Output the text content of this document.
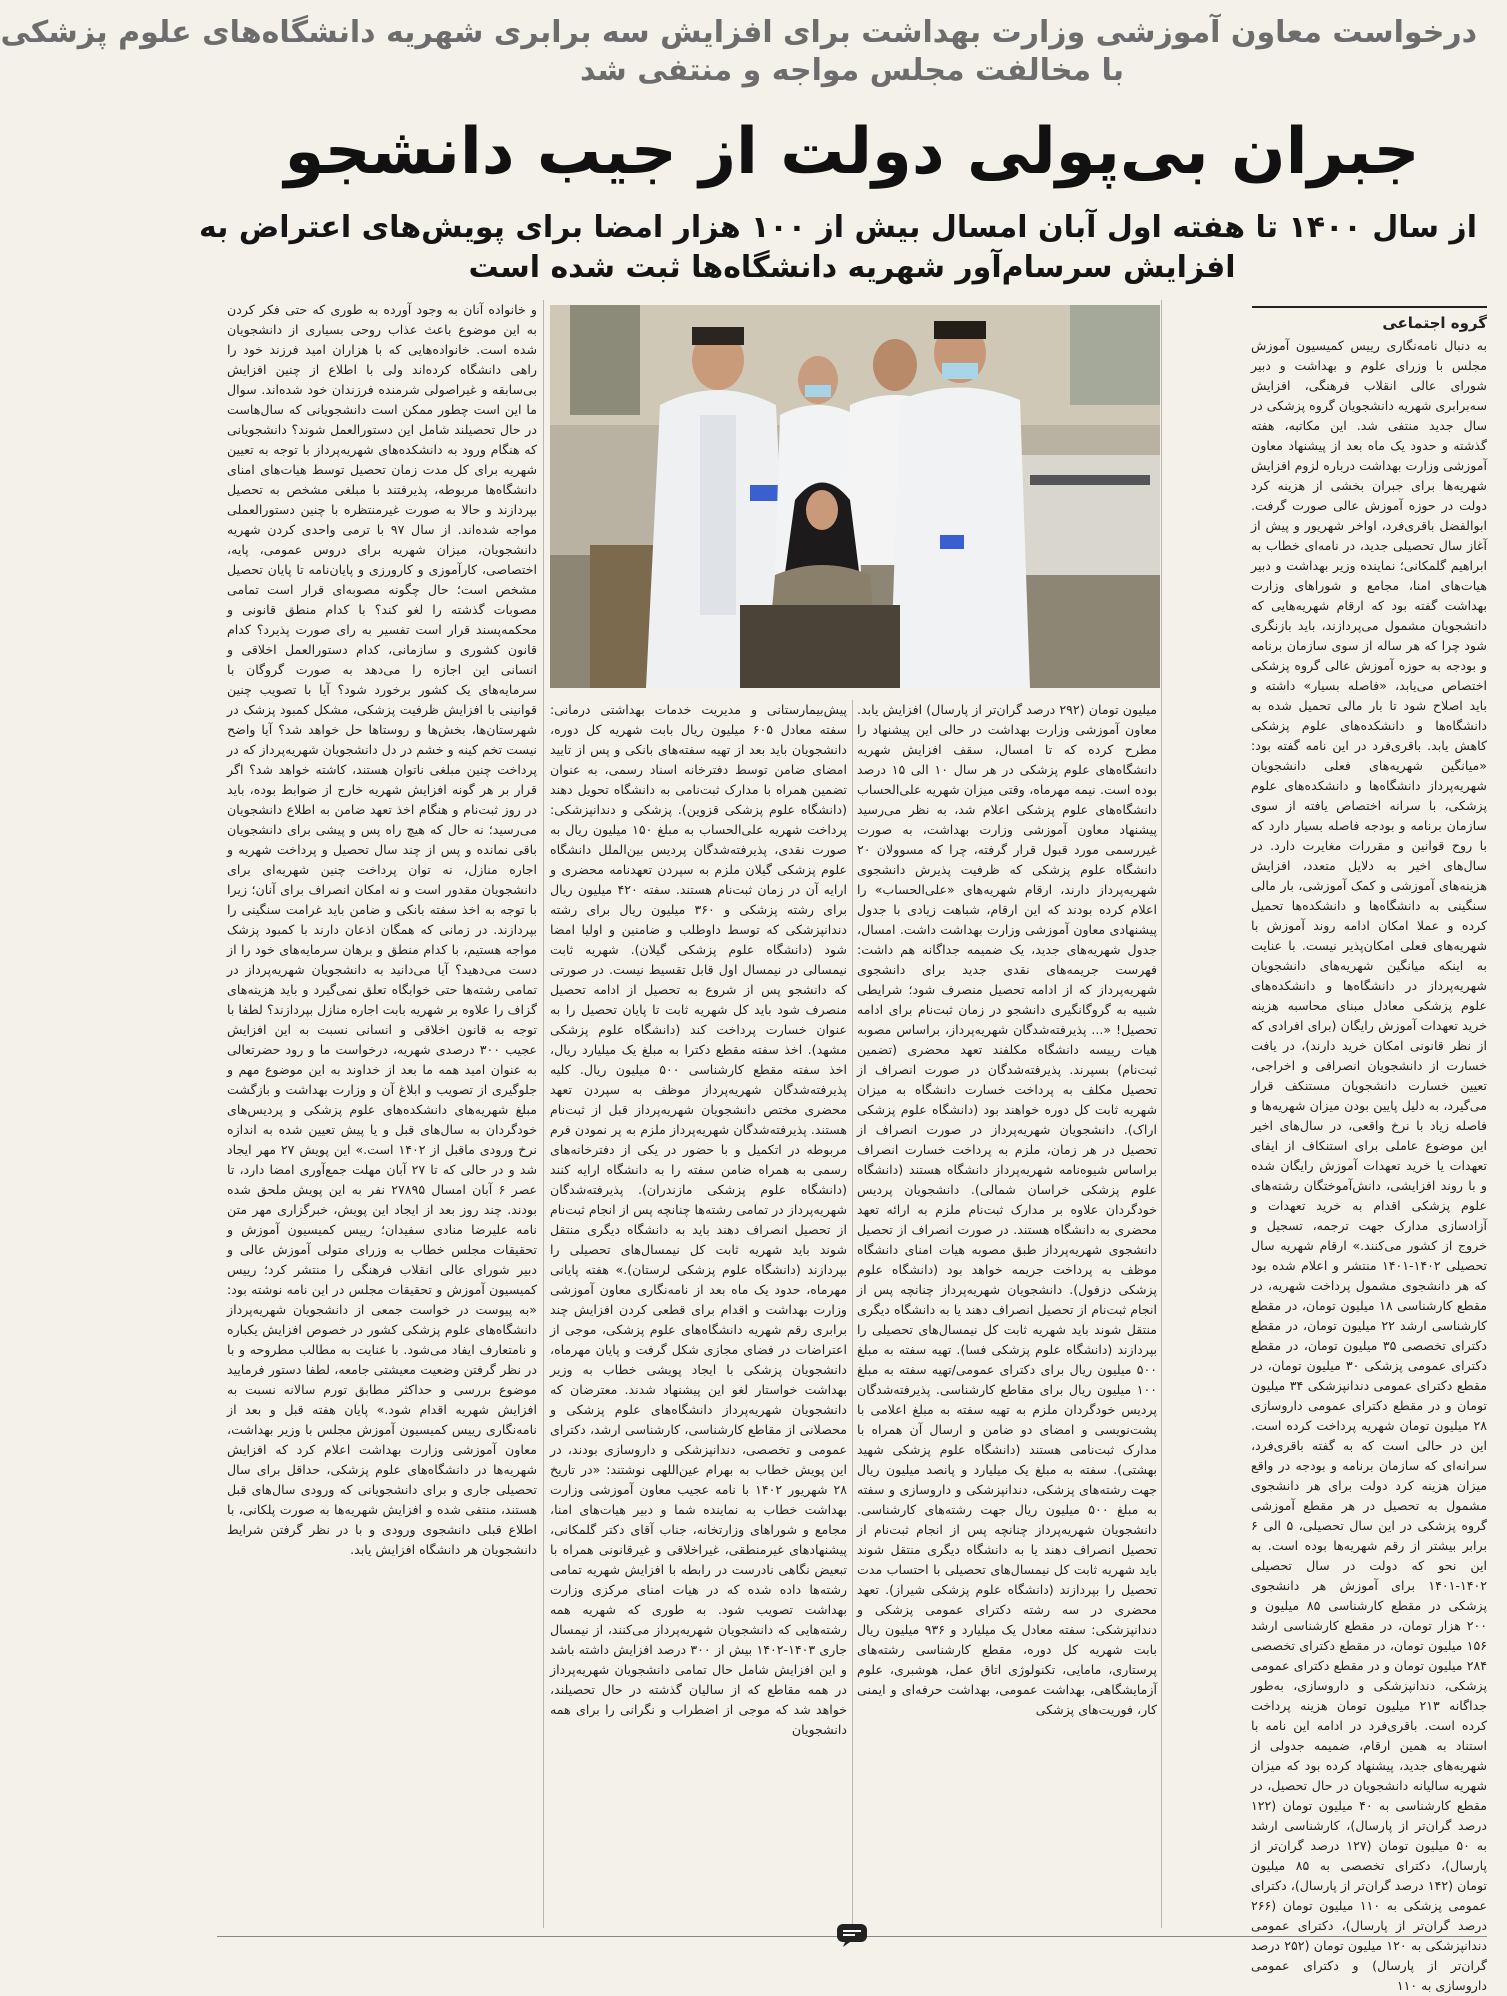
درخواست معاون آموزشی وزارت بهداشت برای افزایش سه برابری شهریه دانشگاه‌های علوم پزشکی
با مخالفت مجلس مواجه و منتفی شد
جبران بی‌پولی دولت از جیب دانشجو
از سال ۱۴۰۰ تا هفته اول آبان امسال بیش از ۱۰۰ هزار امضا برای پویش‌های اعتراض به
افزایش سرسام‌آور شهریه دانشگاه‌ها ثبت شده است
گروه اجتماعی

به دنبال نامه‌نگاری رییس کمیسیون آموزش مجلس با وزرای علوم و بهداشت و دبیر شورای عالی انقلاب فرهنگی، افزایش سه‌برابری شهریه دانشجویان گروه پزشکی در سال جدید منتفی شد. این مکاتبه، هفته گذشته و حدود یک ماه بعد از پیشنهاد معاون آموزشی وزارت بهداشت درباره لزوم افزایش شهریه‌ها برای جبران بخشی از هزینه کرد دولت در حوزه آموزش عالی صورت گرفت. ابوالفضل باقری‌فرد، اواخر شهریور و پیش از آغاز سال تحصیلی جدید، در نامه‌ای خطاب به ابراهیم گلمکانی؛ نماینده وزیر بهداشت و دبیر هیات‌های امنا، مجامع و شوراهای وزارت بهداشت گفته بود که ارقام شهریه‌هایی که دانشجویان مشمول می‌پردازند، باید بازنگری شود چرا که هر ساله از سوی سازمان برنامه و بودجه به حوزه آموزش عالی گروه پزشکی اختصاص می‌یابد، «فاصله بسیار» داشته و باید اصلاح شود تا بار مالی تحمیل شده به دانشگاه‌ها و دانشکده‌های علوم پزشکی کاهش یابد. باقری‌فرد در این نامه گفته بود: «میانگین شهریه‌های فعلی دانشجویان شهریه‌پرداز دانشگاه‌ها و دانشکده‌های علوم پزشکی، با سرانه اختصاص یافته از سوی سازمان برنامه و بودجه فاصله بسیار دارد که با روح قوانین و مقررات مغایرت دارد. در سال‌های اخیر به دلایل متعدد، افزایش هزینه‌های آموزشی و کمک آموزشی، بار مالی سنگینی به دانشگاه‌ها و دانشکده‌ها تحمیل کرده و عملا امکان ادامه روند آموزش با شهریه‌های فعلی امکان‌پذیر نیست. با عنایت به اینکه میانگین شهریه‌های دانشجویان شهریه‌پرداز در دانشگاه‌ها و دانشکده‌های علوم پزشکی معادل مبنای محاسبه هزینه خرید تعهدات آموزش رایگان (برای افرادی که از نظر قانونی امکان خرید دارند)، در یافت خسارت از دانشجویان انصرافی و اخراجی، تعیین خسارت دانشجویان مستنکف قرار می‌گیرد، به دلیل پایین بودن میزان شهریه‌ها و فاصله زیاد با نرخ واقعی، در سال‌های اخیر این موضوع عاملی برای استنکاف از ایفای تعهدات یا خرید تعهدات آموزش رایگان شده و با روند افزایشی، دانش‌آموختگان رشته‌های علوم پزشکی اقدام به خرید تعهدات و آزادسازی مدارک جهت ترجمه، تسجیل و خروج از کشور می‌کنند.» ارقام شهریه سال تحصیلی ۱۴۰۲-۱۴۰۱ منتشر و اعلام شده بود که هر دانشجوی مشمول پرداخت شهریه، در مقطع کارشناسی ۱۸ میلیون تومان، در مقطع کارشناسی ارشد ۲۲ میلیون تومان، در مقطع دکترای تخصصی ۳۵ میلیون تومان، در مقطع دکترای عمومی پزشکی ۳۰ میلیون تومان، در مقطع دکترای عمومی دندانپزشکی ۳۴ میلیون تومان و در مقطع دکترای عمومی داروسازی ۲۸ میلیون تومان شهریه پرداخت کرده است. این در حالی است که به گفته باقری‌فرد، سرانه‌ای که سازمان برنامه و بودجه در واقع میزان هزینه کرد دولت برای هر دانشجوی مشمول به تحصیل در هر مقطع آموزشی گروه پزشکی در این سال تحصیلی، ۵ الی ۶ برابر بیشتر از رقم شهریه‌ها بوده است. به این نحو که دولت در سال تحصیلی ۱۴۰۲-۱۴۰۱ برای آموزش هر دانشجوی پزشکی در مقطع کارشناسی ۸۵ میلیون و ۲۰۰ هزار تومان، در مقطع کارشناسی ارشد ۱۵۶ میلیون تومان، در مقطع دکترای تخصصی ۲۸۴ میلیون تومان و در مقطع دکترای عمومی پزشکی، دندانپزشکی و داروسازی، به‌طور جداگانه ۲۱۳ میلیون تومان هزینه پرداخت کرده است. باقری‌فرد در ادامه این نامه با استناد به همین ارقام، ضمیمه جدولی از شهریه‌های جدید، پیشنهاد کرده بود که میزان شهریه سالیانه دانشجویان در حال تحصیل، در مقطع کارشناسی به ۴۰ میلیون تومان (۱۲۲ درصد گران‌تر از پارسال)، کارشناسی ارشد به ۵۰ میلیون تومان (۱۲۷ درصد گران‌تر از پارسال)، دکترای تخصصی به ۸۵ میلیون تومان (۱۴۲ درصد گران‌تر از پارسال)، دکترای عمومی پزشکی به ۱۱۰ میلیون تومان (۲۶۶ درصد گران‌تر از پارسال)، دکترای عمومی دندانپزشکی به ۱۲۰ میلیون تومان (۲۵۲ درصد گران‌تر از پارسال) و دکترای عمومی داروسازی به ۱۱۰

میلیون تومان (۲۹۲ درصد گران‌تر از پارسال) افزایش یابد. معاون آموزشی وزارت بهداشت در حالی این پیشنهاد را مطرح کرده که تا امسال، سقف افزایش شهریه دانشگاه‌های علوم پزشکی در هر سال ۱۰ الی ۱۵ درصد بوده است. نیمه مهرماه، وقتی میزان شهریه علی‌الحساب دانشگاه‌های علوم پزشکی اعلام شد، به نظر می‌رسید پیشنهاد معاون آموزشی وزارت بهداشت، به صورت غیررسمی مورد قبول قرار گرفته، چرا که مسوولان ۲۰ دانشگاه علوم پزشکی که ظرفیت پذیرش دانشجوی شهریه‌پرداز دارند، ارقام شهریه‌های «علی‌الحساب» را اعلام کرده بودند که این ارقام، شباهت زیادی با جدول پیشنهادی معاون آموزشی وزارت بهداشت داشت. امسال، جدول شهریه‌های جدید، یک ضمیمه جداگانه هم داشت: فهرست جریمه‌های نقدی جدید برای دانشجوی شهریه‌پرداز که از ادامه تحصیل منصرف شود؛ شرایطی شبیه به گروگانگیری دانشجو در زمان ثبت‌نام برای ادامه تحصیل! «... پذیرفته‌شدگان شهریه‌پرداز، براساس مصوبه هیات رییسه دانشگاه مکلفند تعهد محضری (تضمین ثبت‌نام) بسپرند. پذیرفته‌شدگان در صورت انصراف از تحصیل مکلف به پرداخت خسارت دانشگاه به میزان شهریه ثابت کل دوره خواهند بود (دانشگاه علوم پزشکی اراک). دانشجویان شهریه‌پرداز در صورت انصراف از تحصیل در هر زمان، ملزم به پرداخت خسارت انصراف براساس شیوه‌نامه شهریه‌پرداز دانشگاه هستند (دانشگاه علوم پزشکی خراسان شمالی). دانشجویان پردیس خودگردان علاوه بر مدارک ثبت‌نام ملزم به ارائه تعهد محضری به دانشگاه هستند. در صورت انصراف از تحصیل دانشجوی شهریه‌پرداز طبق مصوبه هیات امنای دانشگاه موظف به پرداخت جریمه خواهد بود (دانشگاه علوم پزشکی دزفول). دانشجویان شهریه‌پرداز چنانچه پس از انجام ثبت‌نام از تحصیل انصراف دهند یا به دانشگاه دیگری منتقل شوند باید شهریه ثابت کل نیمسال‌های تحصیلی را بپردازند (دانشگاه علوم پزشکی فسا). تهیه سفته به مبلغ ۵۰۰ میلیون ریال برای دکترای عمومی/تهیه سفته به مبلغ ۱۰۰ میلیون ریال برای مقاطع کارشناسی. پذیرفته‌شدگان پردیس خودگردان ملزم به تهیه سفته به مبلغ اعلامی با پشت‌نویسی و امضای دو ضامن و ارسال آن همراه با مدارک ثبت‌نامی هستند (دانشگاه علوم پزشکی شهید بهشتی). سفته به مبلغ یک میلیارد و پانصد میلیون ریال جهت رشته‌های پزشکی، دندانپزشکی و داروسازی و سفته به مبلغ ۵۰۰ میلیون ریال جهت رشته‌های کارشناسی. دانشجویان شهریه‌پرداز چنانچه پس از انجام ثبت‌نام از تحصیل انصراف دهند یا به دانشگاه دیگری منتقل شوند باید شهریه ثابت کل نیمسال‌های تحصیلی با احتساب مدت تحصیل را بپردازند (دانشگاه علوم پزشکی شیراز). تعهد محضری در سه رشته دکترای عمومی پزشکی و دندانپزشکی: سفته معادل یک میلیارد و ۹۳۶ میلیون ریال بابت شهریه کل دوره، مقطع کارشناسی رشته‌های پرستاری، مامایی، تکنولوژی اتاق عمل، هوشبری، علوم آزمایشگاهی، بهداشت عمومی، بهداشت حرفه‌ای و ایمنی کار، فوریت‌های پزشکی

پیش‌بیمارستانی و مدیریت خدمات بهداشتی درمانی: سفته معادل ۶۰۵ میلیون ریال بابت شهریه کل دوره، دانشجویان باید بعد از تهیه سفته‌های بانکی و پس از تایید امضای ضامن توسط دفترخانه اسناد رسمی، به عنوان تضمین همراه با مدارک ثبت‌نامی به دانشگاه تحویل دهند (دانشگاه علوم پزشکی قزوین). پزشکی و دندانپزشکی: پرداخت شهریه علی‌الحساب به مبلغ ۱۵۰ میلیون ریال به صورت نقدی، پذیرفته‌شدگان پردیس بین‌الملل دانشگاه علوم پزشکی گیلان ملزم به سپردن تعهدنامه محضری و ارایه آن در زمان ثبت‌نام هستند. سفته ۴۲۰ میلیون ریال برای رشته پزشکی و ۳۶۰ میلیون ریال برای رشته دندانپزشکی که توسط داوطلب و ضامنین و اولیا امضا شود (دانشگاه علوم پزشکی گیلان). شهریه ثابت نیمسالی در نیمسال اول قابل تقسیط نیست. در صورتی که دانشجو پس از شروع به تحصیل از ادامه تحصیل منصرف شود باید کل شهریه ثابت تا پایان تحصیل را به عنوان خسارت پرداخت کند (دانشگاه علوم پزشکی مشهد). اخذ سفته مقطع دکترا به مبلغ یک میلیارد ریال، اخذ سفته مقطع کارشناسی ۵۰۰ میلیون ریال. کلیه پذیرفته‌شدگان شهریه‌پرداز موظف به سپردن تعهد محضری مختص دانشجویان شهریه‌پرداز قبل از ثبت‌نام هستند. پذیرفته‌شدگان شهریه‌پرداز ملزم به پر نمودن فرم مربوطه در اتکمیل و با حضور در یکی از دفترخانه‌های رسمی به همراه ضامن سفته را به دانشگاه ارایه کنند (دانشگاه علوم پزشکی مازندران). پذیرفته‌شدگان شهریه‌پرداز در تمامی رشته‌ها چنانچه پس از انجام ثبت‌نام از تحصیل انصراف دهند باید به دانشگاه دیگری منتقل شوند باید شهریه ثابت کل نیمسال‌های تحصیلی را بپردازند (دانشگاه علوم پزشکی لرستان).» هفته پایانی مهرماه، حدود یک ماه بعد از نامه‌نگاری معاون آموزشی وزارت بهداشت و اقدام برای قطعی کردن افزایش چند برابری رقم شهریه دانشگاه‌های علوم پزشکی، موجی از اعتراضات در فضای مجازی شکل گرفت و پایان مهرماه، دانشجویان پزشکی با ایجاد پویشی خطاب به وزیر بهداشت خواستار لغو این پیشنهاد شدند. معترضان که دانشجویان شهریه‌پرداز دانشگاه‌های علوم پزشکی و محصلانی از مقاطع کارشناسی، کارشناسی ارشد، دکترای عمومی و تخصصی، دندانپزشکی و داروسازی بودند، در این پویش خطاب به بهرام عین‌اللهی نوشتند: «در تاریخ ۲۸ شهریور ۱۴۰۲ با نامه عجیب معاون آموزشی وزارت بهداشت خطاب به نماینده شما و دبیر هیات‌های امنا، مجامع و شوراهای وزارتخانه، جناب آقای دکتر گلمکانی، پیشنهادهای غیرمنطقی، غیراخلاقی و غیرقانونی همراه با تبعیض نگاهی نادرست در رابطه با افزایش شهریه تمامی رشته‌ها داده شده که در هیات امنای مرکزی وزارت بهداشت تصویب شود. به طوری که شهریه همه رشته‌هایی که دانشجویان شهریه‌پرداز می‌کنند، از نیمسال جاری ۱۴۰۳-۱۴۰۲ بیش از ۳۰۰ درصد افزایش داشته باشد و این افزایش شامل حال تمامی دانشجویان شهریه‌پرداز در همه مقاطع که از سالیان گذشته در حال تحصیلند، خواهد شد که موجی از اضطراب و نگرانی را برای همه دانشجویان

و خانواده آنان به وجود آورده به طوری که حتی فکر کردن به این موضوع باعث عذاب روحی بسیاری از دانشجویان شده است. خانواده‌هایی که با هزاران امید فرزند خود را راهی دانشگاه کرده‌اند ولی با اطلاع از چنین افزایش بی‌سابقه و غیراصولی شرمنده فرزندان خود شده‌اند. سوال ما این است چطور ممکن است دانشجویانی که سال‌هاست در حال تحصیلند شامل این دستورالعمل شوند؟ دانشجویانی که هنگام ورود به دانشکده‌های شهریه‌پرداز با توجه به تعیین شهریه برای کل مدت زمان تحصیل توسط هیات‌های امنای دانشگاه‌ها مربوطه، پذیرفتند با مبلغی مشخص به تحصیل بپردازند و حالا به صورت غیرمنتظره با چنین دستورالعملی مواجه شده‌اند. از سال ۹۷ با ترمی واحدی کردن شهریه دانشجویان، میزان شهریه برای دروس عمومی، پایه، اختصاصی، کارآموزی و کارورزی و پایان‌نامه تا پایان تحصیل مشخص است؛ حال چگونه مصوبه‌ای قرار است تمامی مصوبات گذشته را لغو کند؟ با کدام منطق قانونی و محکمه‌پسند قرار است تفسیر به رای صورت پذیرد؟ کدام قانون کشوری و سازمانی، کدام دستورالعمل اخلاقی و انسانی این اجازه را می‌دهد به صورت گروگان با سرمایه‌های یک کشور برخورد شود؟ آیا با تصویب چنین قوانینی با افزایش ظرفیت پزشکی، مشکل کمبود پزشک در شهرستان‌ها، بخش‌ها و روستاها حل خواهد شد؟ آیا واضح نیست تخم کینه و خشم در دل دانشجویان شهریه‌پرداز که در پرداخت چنین مبلغی ناتوان هستند، کاشته خواهد شد؟ اگر قرار بر هر گونه افزایش شهریه خارج از ضوابط بوده، باید در روز ثبت‌نام و هنگام اخذ تعهد ضامن به اطلاع دانشجویان می‌رسید؛ نه حال که هیچ راه پس و پیشی برای دانشجویان باقی نمانده و پس از چند سال تحصیل و پرداخت شهریه و اجاره منازل، نه توان پرداخت چنین شهریه‌ای برای دانشجویان مقدور است و نه امکان انصراف برای آنان؛ زیرا با توجه به اخذ سفته بانکی و ضامن باید غرامت سنگینی را بپردازند. در زمانی که همگان اذعان دارند با کمبود پزشک مواجه هستیم، با کدام منطق و برهان سرمایه‌های خود را از دست می‌دهید؟ آیا می‌دانید به دانشجویان شهریه‌پرداز در تمامی رشته‌ها حتی خوابگاه تعلق نمی‌گیرد و باید هزینه‌های گزاف را علاوه بر شهریه بابت اجاره منازل بپردازند؟ لطفا با توجه به قانون اخلاقی و انسانی نسبت به این افزایش عجیب ۳۰۰ درصدی شهریه، درخواست ما و رود حضرتعالی به عنوان امید همه ما بعد از خداوند به این موضوع مهم و جلوگیری از تصویب و ابلاغ آن و وزارت بهداشت و بازگشت مبلغ شهریه‌های دانشکده‌های علوم پزشکی و پردیس‌های خودگردان به سال‌های قبل و یا پیش تعیین شده به اندازه نرخ ورودی ماقبل از ۱۴۰۲ است.» این پویش ۲۷ مهر ایجاد شد و در حالی که تا ۲۷ آبان مهلت جمع‌آوری امضا دارد، تا عصر ۶ آبان امسال ۲۷۸۹۵ نفر به این پویش ملحق شده بودند. چند روز بعد از ایجاد این پویش، خبرگزاری مهر متن نامه علیرضا منادی سفیدان؛ رییس کمیسیون آموزش و تحقیقات مجلس خطاب به وزرای متولی آموزش عالی و دبیر شورای عالی انقلاب فرهنگی را منتشر کرد؛ رییس کمیسیون آموزش و تحقیقات مجلس در این نامه نوشته بود: «به پیوست در خواست جمعی از دانشجویان شهریه‌پرداز دانشگاه‌های علوم پزشکی کشور در خصوص افزایش یکباره و نامتعارف ایفاد می‌شود. با عنایت به مطالب مطروحه و با در نظر گرفتن وضعیت معیشتی جامعه، لطفا دستور فرمایید موضوع بررسی و حداکثر مطابق تورم سالانه نسبت به افزایش شهریه اقدام شود.» پایان هفته قبل و بعد از نامه‌نگاری رییس کمیسیون آموزش مجلس با وزیر بهداشت، معاون آموزشی وزارت بهداشت اعلام کرد که افزایش شهریه‌ها در دانشگاه‌های علوم پزشکی، حداقل برای سال تحصیلی جاری و برای دانشجویانی که ورودی سال‌های قبل هستند، منتفی شده و افزایش شهریه‌ها به صورت پلکانی، با اطلاع قبلی دانشجوی ورودی و با در نظر گرفتن شرایط دانشجویان هر دانشگاه افزایش یابد.
